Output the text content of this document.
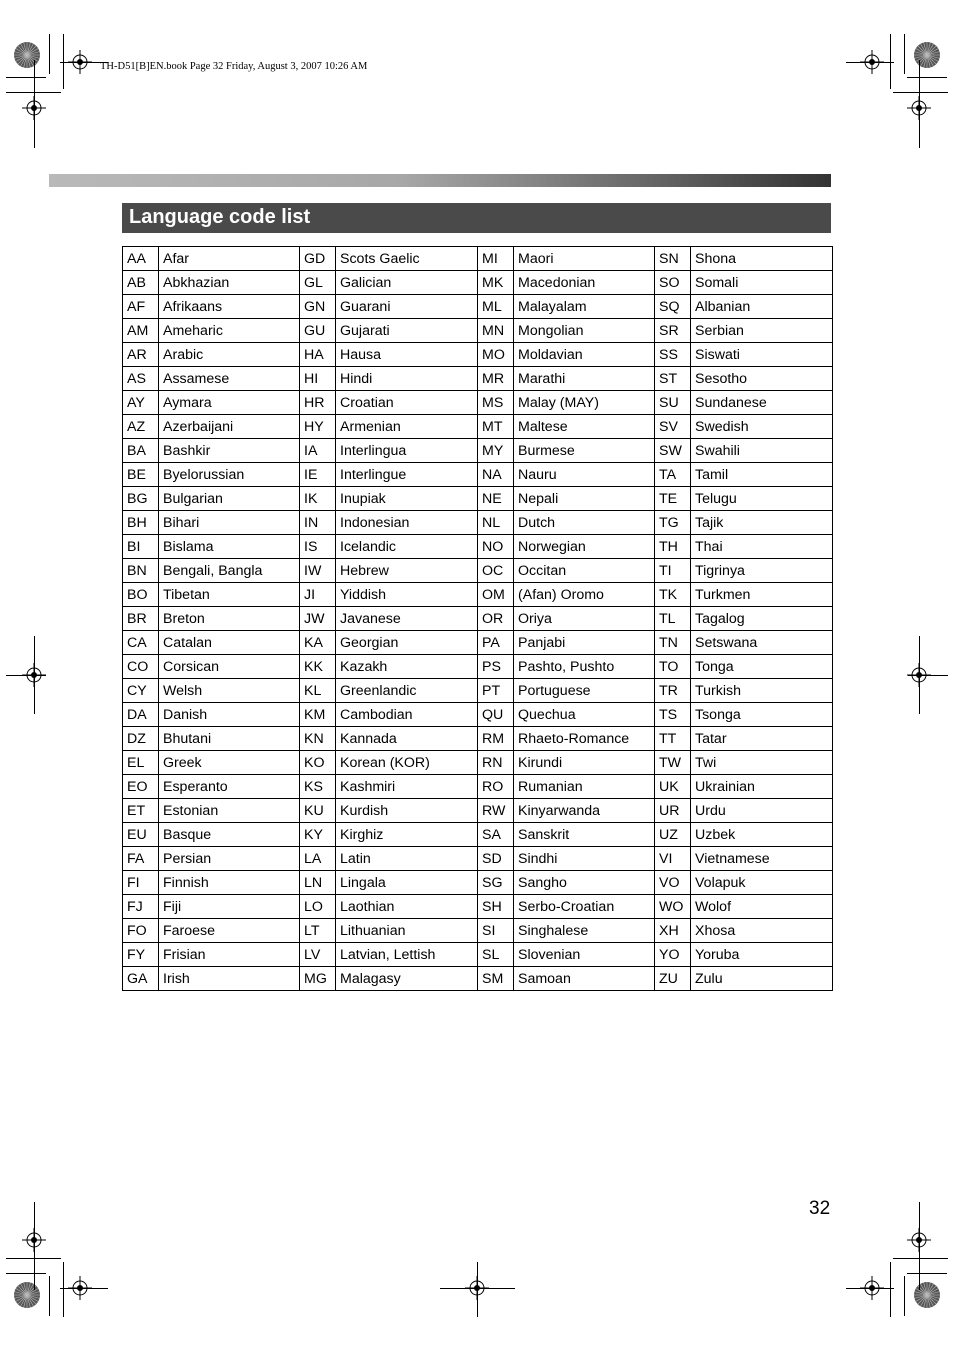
TH-D51[B]EN.book Page 32 Friday, August 3, 2007 10:26 AM
Language code list
AA	Afar	GD	Scots Gaelic	MI	Maori	SN	Shona
AB	Abkhazian	GL	Galician	MK	Macedonian	SO	Somali
AF	Afrikaans	GN	Guarani	ML	Malayalam	SQ	Albanian
AM	Ameharic	GU	Gujarati	MN	Mongolian	SR	Serbian
AR	Arabic	HA	Hausa	MO	Moldavian	SS	Siswati
AS	Assamese	HI	Hindi	MR	Marathi	ST	Sesotho
AY	Aymara	HR	Croatian	MS	Malay (MAY)	SU	Sundanese
AZ	Azerbaijani	HY	Armenian	MT	Maltese	SV	Swedish
BA	Bashkir	IA	Interlingua	MY	Burmese	SW	Swahili
BE	Byelorussian	IE	Interlingue	NA	Nauru	TA	Tamil
BG	Bulgarian	IK	Inupiak	NE	Nepali	TE	Telugu
BH	Bihari	IN	Indonesian	NL	Dutch	TG	Tajik
BI	Bislama	IS	Icelandic	NO	Norwegian	TH	Thai
BN	Bengali, Bangla	IW	Hebrew	OC	Occitan	TI	Tigrinya
BO	Tibetan	JI	Yiddish	OM	(Afan) Oromo	TK	Turkmen
BR	Breton	JW	Javanese	OR	Oriya	TL	Tagalog
CA	Catalan	KA	Georgian	PA	Panjabi	TN	Setswana
CO	Corsican	KK	Kazakh	PS	Pashto, Pushto	TO	Tonga
CY	Welsh	KL	Greenlandic	PT	Portuguese	TR	Turkish
DA	Danish	KM	Cambodian	QU	Quechua	TS	Tsonga
DZ	Bhutani	KN	Kannada	RM	Rhaeto-Romance	TT	Tatar
EL	Greek	KO	Korean (KOR)	RN	Kirundi	TW	Twi
EO	Esperanto	KS	Kashmiri	RO	Rumanian	UK	Ukrainian
ET	Estonian	KU	Kurdish	RW	Kinyarwanda	UR	Urdu
EU	Basque	KY	Kirghiz	SA	Sanskrit	UZ	Uzbek
FA	Persian	LA	Latin	SD	Sindhi	VI	Vietnamese
FI	Finnish	LN	Lingala	SG	Sangho	VO	Volapuk
FJ	Fiji	LO	Laothian	SH	Serbo-Croatian	WO	Wolof
FO	Faroese	LT	Lithuanian	SI	Singhalese	XH	Xhosa
FY	Frisian	LV	Latvian, Lettish	SL	Slovenian	YO	Yoruba
GA	Irish	MG	Malagasy	SM	Samoan	ZU	Zulu
32
